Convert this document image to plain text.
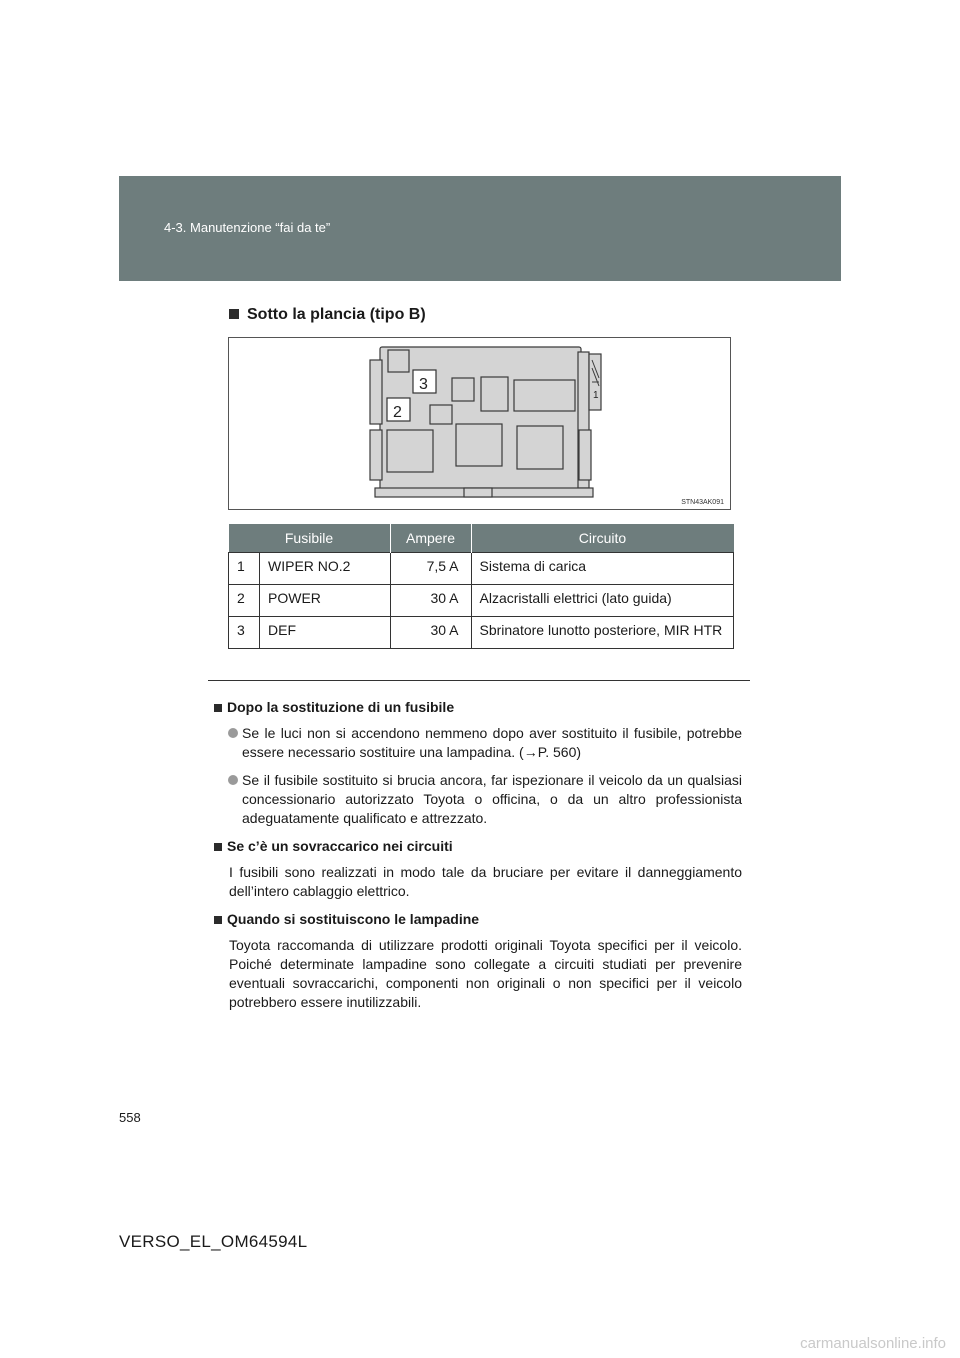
4-3. Manutenzione “fai da te”
Sotto la plancia (tipo B)
1
3
2
STN43AK091
Fusibile		Ampere	Circuito
1	WIPER NO.2	7,5 A	Sistema di carica
2	POWER	30 A	Alzacristalli elettrici (lato guida)
3	DEF	30 A	Sbrinatore lunotto posteriore, MIR HTR
Dopo la sostituzione di un fusibile
Se le luci non si accendono nemmeno dopo aver sostituito il fusibile, potrebbe essere necessario sostituire una lampadina. (→P. 560)
Se il fusibile sostituito si brucia ancora, far ispezionare il veicolo da un qualsiasi concessionario autorizzato Toyota o officina, o da un altro professionista adeguatamente qualificato e attrezzato.
Se c’è un sovraccarico nei circuiti
I fusibili sono realizzati in modo tale da bruciare per evitare il danneggiamento dell’intero cablaggio elettrico.
Quando si sostituiscono le lampadine
Toyota raccomanda di utilizzare prodotti originali Toyota specifici per il veicolo. Poiché determinate lampadine sono collegate a circuiti studiati per prevenire eventuali sovraccarichi, componenti non originali o non specifici per il veicolo potrebbero essere inutilizzabili.
558
VERSO_EL_OM64594L
carmanualsonline.info
